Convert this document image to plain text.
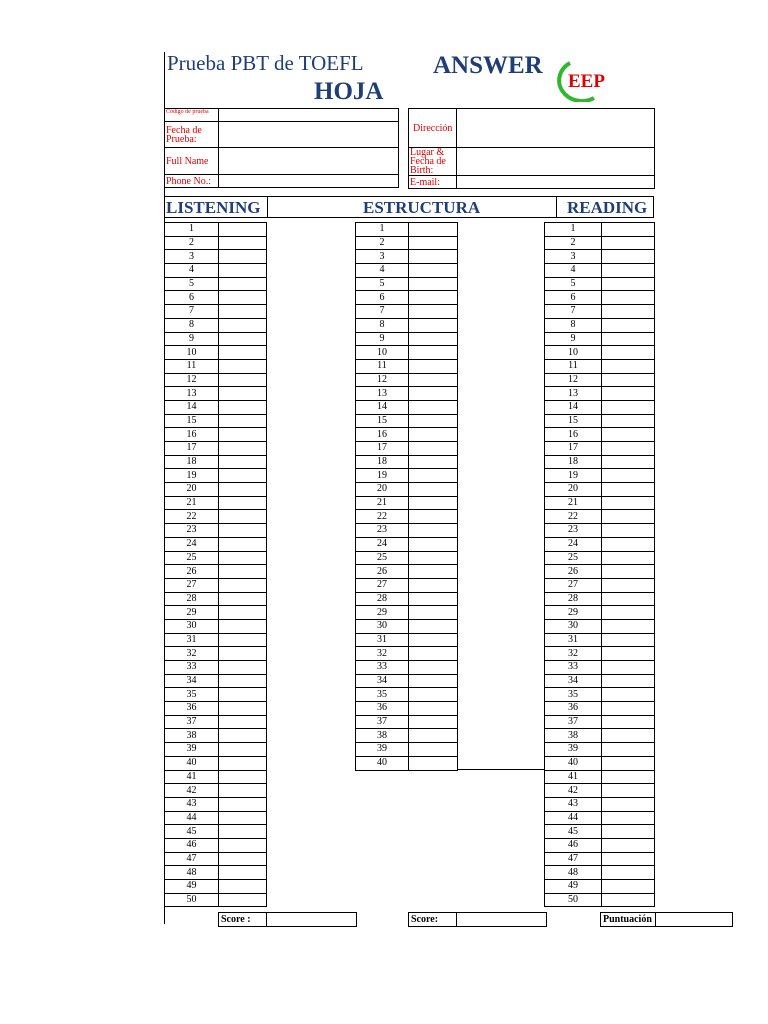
Prueba PBT de TOEFL
HOJA
ANSWER
EEP
Código de prueba	
Fecha de Prueba:	
Full Name	
Phone No.:	
Dirección	
Lugar & Fecha de Birth:	
E-mail:	
LISTENING	ESTRUCTURA	READING
1	
2	
3	
4	
5	
6	
7	
8	
9	
10	
11	
12	
13	
14	
15	
16	
17	
18	
19	
20	
21	
22	
23	
24	
25	
26	
27	
28	
29	
30	
31	
32	
33	
34	
35	
36	
37	
38	
39	
40	
41	
42	
43	
44	
45	
46	
47	
48	
49	
50	
1	
2	
3	
4	
5	
6	
7	
8	
9	
10	
11	
12	
13	
14	
15	
16	
17	
18	
19	
20	
21	
22	
23	
24	
25	
26	
27	
28	
29	
30	
31	
32	
33	
34	
35	
36	
37	
38	
39	
40	
1	
2	
3	
4	
5	
6	
7	
8	
9	
10	
11	
12	
13	
14	
15	
16	
17	
18	
19	
20	
21	
22	
23	
24	
25	
26	
27	
28	
29	
30	
31	
32	
33	
34	
35	
36	
37	
38	
39	
40	
41	
42	
43	
44	
45	
46	
47	
48	
49	
50	
Score :		Score:		Puntuación	
